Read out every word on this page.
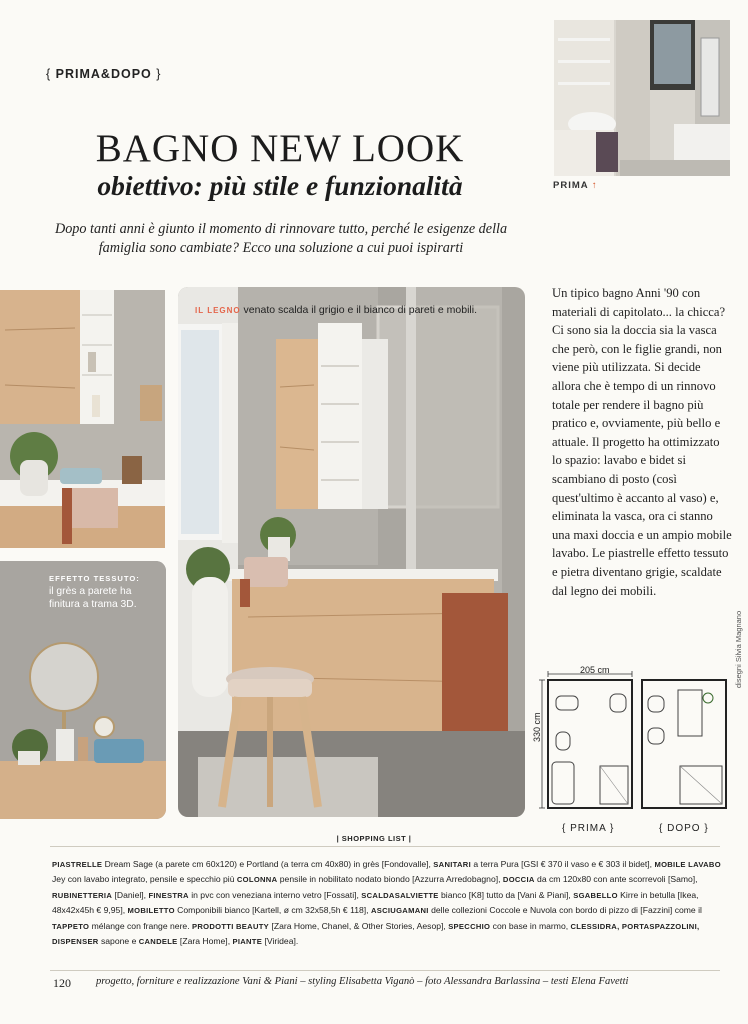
{ PRIMA&DOPO }
BAGNO NEW LOOK
obiettivo: più stile e funzionalità
Dopo tanti anni è giunto il momento di rinnovare tutto, perché le esigenze della famiglia sono cambiate? Ecco una soluzione a cui puoi ispirarti
PRIMA ↑
EFFETTO TESSUTO:
il grès a parete ha finitura a trama 3D.
IL LEGNO venato scalda il grigio e il bianco di pareti e mobili.
Un tipico bagno Anni '90 con materiali di capitolato... la chicca? Ci sono sia la doccia sia la vasca che però, con le figlie grandi, non viene più utilizzata. Si decide allora che è tempo di un rinnovo totale per rendere il bagno più pratico e, ovviamente, più bello e attuale. Il progetto ha ottimizzato lo spazio: lavabo e bidet si scambiano di posto (così quest'ultimo è accanto al vaso) e, eliminata la vasca, ora ci stanno una maxi doccia e un ampio mobile lavabo. Le piastrelle effetto tessuto e pietra diventano grigie, scaldate dal legno dei mobili.
disegni Silvia Magnano
205 cm
330 cm
{ PRIMA }	{ DOPO }
| SHOPPING LIST |
PIASTRELLE Dream Sage (a parete cm 60x120) e Portland (a terra cm 40x80) in grès [Fondovalle], SANITARI a terra Pura [GSI € 370 il vaso e € 303 il bidet], MOBILE LAVABO Jey con lavabo integrato, pensile e specchio più COLONNA pensile in nobilitato nodato biondo [Azzurra Arredobagno], DOCCIA da cm 120x80 con ante scorrevoli [Samo], RUBINETTERIA [Daniel], FINESTRA in pvc con veneziana interno vetro [Fossati], SCALDASALVIETTE bianco [K8] tutto da [Vani & Piani], SGABELLO Kirre in betulla [Ikea, 48x42x45h € 9,95], MOBILETTO Componibili bianco [Kartell, ø cm 32x58,5h € 118], ASCIUGAMANI delle collezioni Coccole e Nuvola con bordo di pizzo di [Fazzini] come il TAPPETO mélange con frange nere. PRODOTTI BEAUTY [Zara Home, Chanel, & Other Stories, Aesop], SPECCHIO con base in marmo, CLESSIDRA, PORTASPAZZOLINI, DISPENSER sapone e CANDELE [Zara Home], PIANTE [Viridea].
120 progetto, forniture e realizzazione Vani & Piani – styling Elisabetta Viganò – foto Alessandra Barlassina – testi Elena Favetti
